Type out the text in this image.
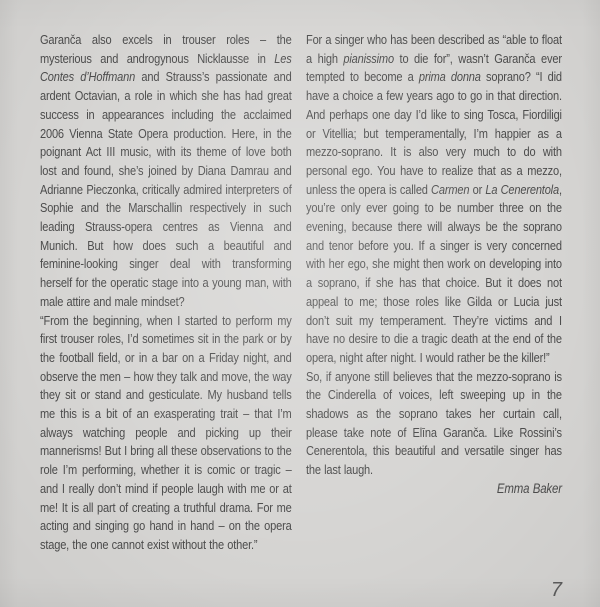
Garanča also excels in trouser roles – the mysterious and androgynous Nicklausse in Les Contes d’Hoffmann and Strauss’s passionate and ardent Octavian, a role in which she has had great success in appearances including the acclaimed 2006 Vienna State Opera production. Here, in the poignant Act III music, with its theme of love both lost and found, she’s joined by Diana Damrau and Adrianne Pieczonka, critically admired interpreters of Sophie and the Marschallin respectively in such leading Strauss-opera centres as Vienna and Munich. But how does such a beautiful and feminine-looking singer deal with transforming herself for the operatic stage into a young man, with male attire and male mindset?

“From the beginning, when I started to perform my first trouser roles, I’d sometimes sit in the park or by the football field, or in a bar on a Friday night, and observe the men – how they talk and move, the way they sit or stand and gesticulate. My husband tells me this is a bit of an exasperating trait – that I’m always watching people and picking up their mannerisms! But I bring all these observations to the role I’m performing, whether it is comic or tragic – and I really don’t mind if people laugh with me or at me! It is all part of creating a truthful drama. For me acting and singing go hand in hand – on the opera stage, the one cannot exist without the other.”

For a singer who has been described as “able to float a high pianissimo to die for”, wasn’t Garanča ever tempted to become a prima donna soprano? “I did have a choice a few years ago to go in that direction. And perhaps one day I’d like to sing Tosca, Fiordiligi or Vitellia; but temperamentally, I’m happier as a mezzo-soprano. It is also very much to do with personal ego. You have to realize that as a mezzo, unless the opera is called Carmen or La Cenerentola, you’re only ever going to be number three on the evening, because there will always be the soprano and tenor before you. If a singer is very concerned with her ego, she might then work on developing into a soprano, if she has that choice. But it does not appeal to me; those roles like Gilda or Lucia just don’t suit my temperament. They’re victims and I have no desire to die a tragic death at the end of the opera, night after night. I would rather be the killer!”

So, if anyone still believes that the mezzo-soprano is the Cinderella of voices, left sweeping up in the shadows as the soprano takes her curtain call, please take note of Elīna Garanča. Like Rossini’s Cenerentola, this beautiful and versatile singer has the last laugh.

Emma Baker
7
